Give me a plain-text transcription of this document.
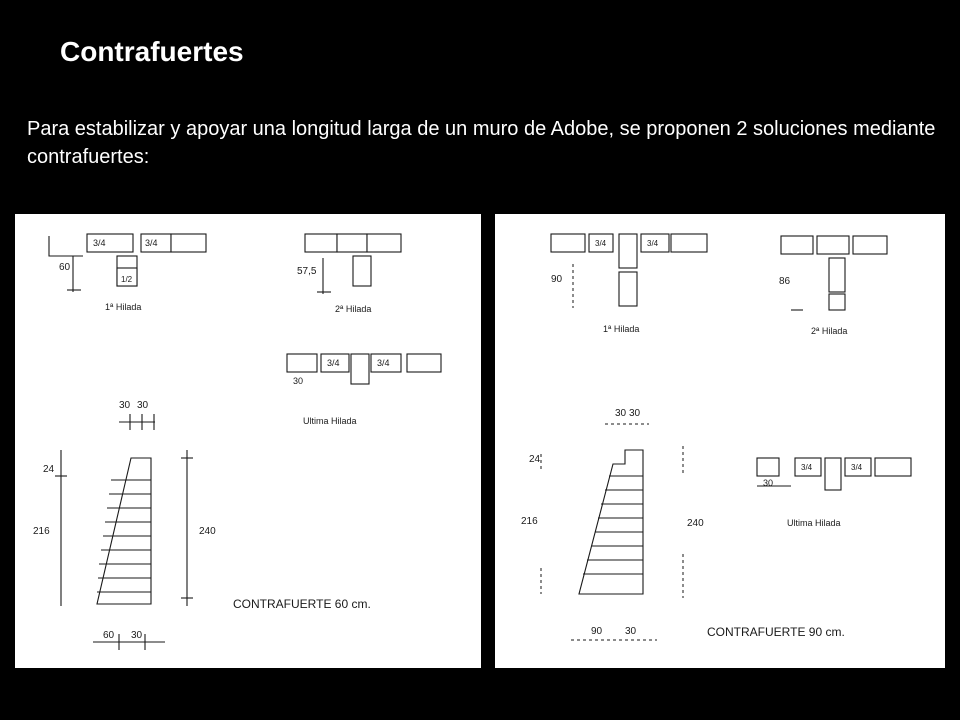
Contrafuertes
Para estabilizar y apoyar una longitud larga de un muro de Adobe, se proponen 2 soluciones mediante contrafuertes:
3/4	3/4
1/2
60
1ª Hilada
57,5
2ª Hilada
3/4	3/4
30
Ultima Hilada
30 30
24
216	240
60 30
CONTRAFUERTE 60 cm.
3/4	3/4
90
1ª Hilada
86
2ª Hilada
3/4	3/4
30
Ultima Hilada
30 30
24
216	240
90 30	CONTRAFUERTE 90 cm.
